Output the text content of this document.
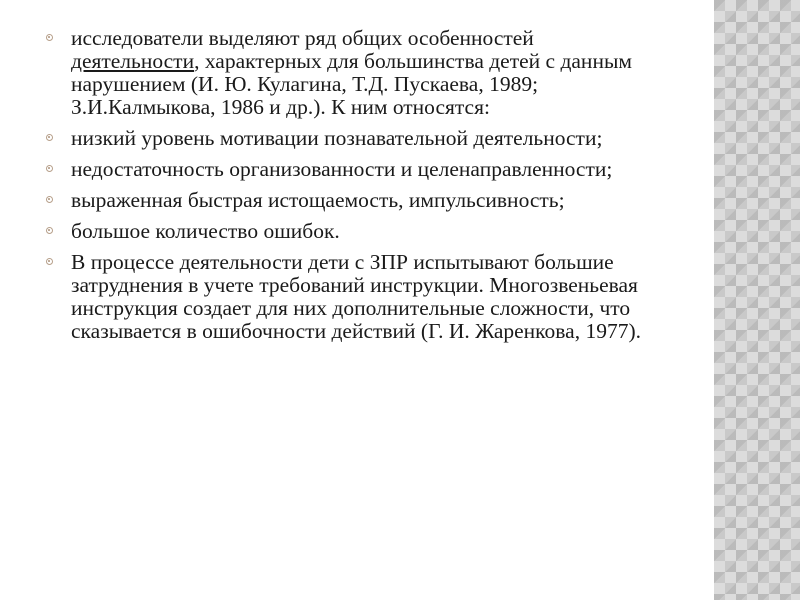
исследователи выделяют ряд общих особенностей деятельности, характерных для большинства детей с данным нарушением (И. Ю. Кулагина, Т.Д. Пускаева, 1989; З.И.Калмыкова, 1986 и др.). К ним относятся:
низкий уровень мотивации познавательной деятельности;
недостаточность организованности и целенаправленности;
выраженная быстрая истощаемость, импульсивность;
большое количество ошибок.
В процессе деятельности дети с ЗПР испытывают большие затруднения в учете требований инструкции. Многозвеньевая инструкция создает для них дополнительные сложности, что сказывается в ошибочности действий (Г. И. Жаренкова, 1977).
